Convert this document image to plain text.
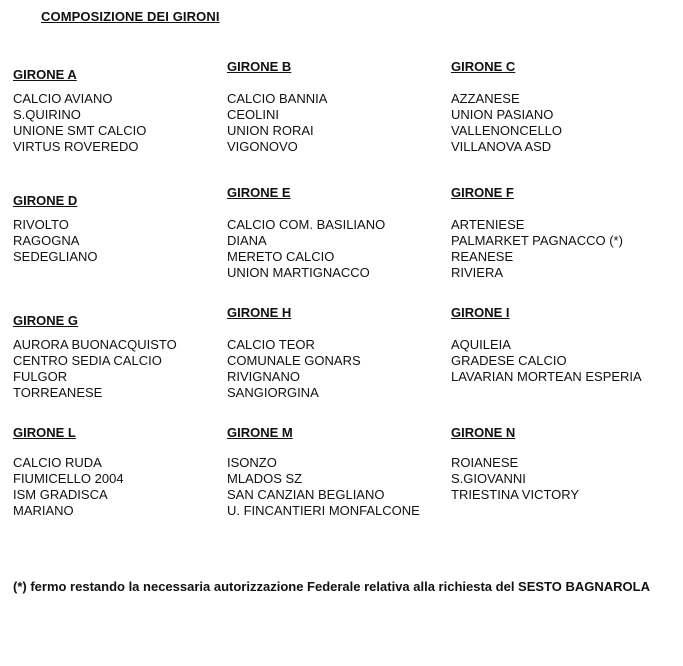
COMPOSIZIONE DEI GIRONI
GIRONE A
CALCIO AVIANO
S.QUIRINO
UNIONE SMT CALCIO
VIRTUS ROVEREDO
GIRONE B
CALCIO BANNIA
CEOLINI
UNION RORAI
VIGONOVO
GIRONE C
AZZANESE
UNION PASIANO
VALLENONCELLO
VILLANOVA ASD
GIRONE D
RIVOLTO
RAGOGNA
SEDEGLIANO
GIRONE E
CALCIO COM. BASILIANO
DIANA
MERETO CALCIO
UNION MARTIGNACCO
GIRONE F
ARTENIESE
PALMARKET PAGNACCO (*)
REANESE
RIVIERA
GIRONE G
AURORA BUONACQUISTO
CENTRO SEDIA CALCIO
FULGOR
TORREANESE
GIRONE H
CALCIO TEOR
COMUNALE GONARS
RIVIGNANO
SANGIORGINA
GIRONE I
AQUILEIA
GRADESE CALCIO
LAVARIAN MORTEAN ESPERIA
GIRONE L
CALCIO RUDA
FIUMICELLO 2004
ISM GRADISCA
MARIANO
GIRONE M
ISONZO
MLADOS SZ
SAN CANZIAN BEGLIANO
U. FINCANTIERI MONFALCONE
GIRONE N
ROIANESE
S.GIOVANNI
TRIESTINA VICTORY
(*) fermo restando la necessaria autorizzazione Federale relativa alla richiesta del SESTO BAGNAROLA
